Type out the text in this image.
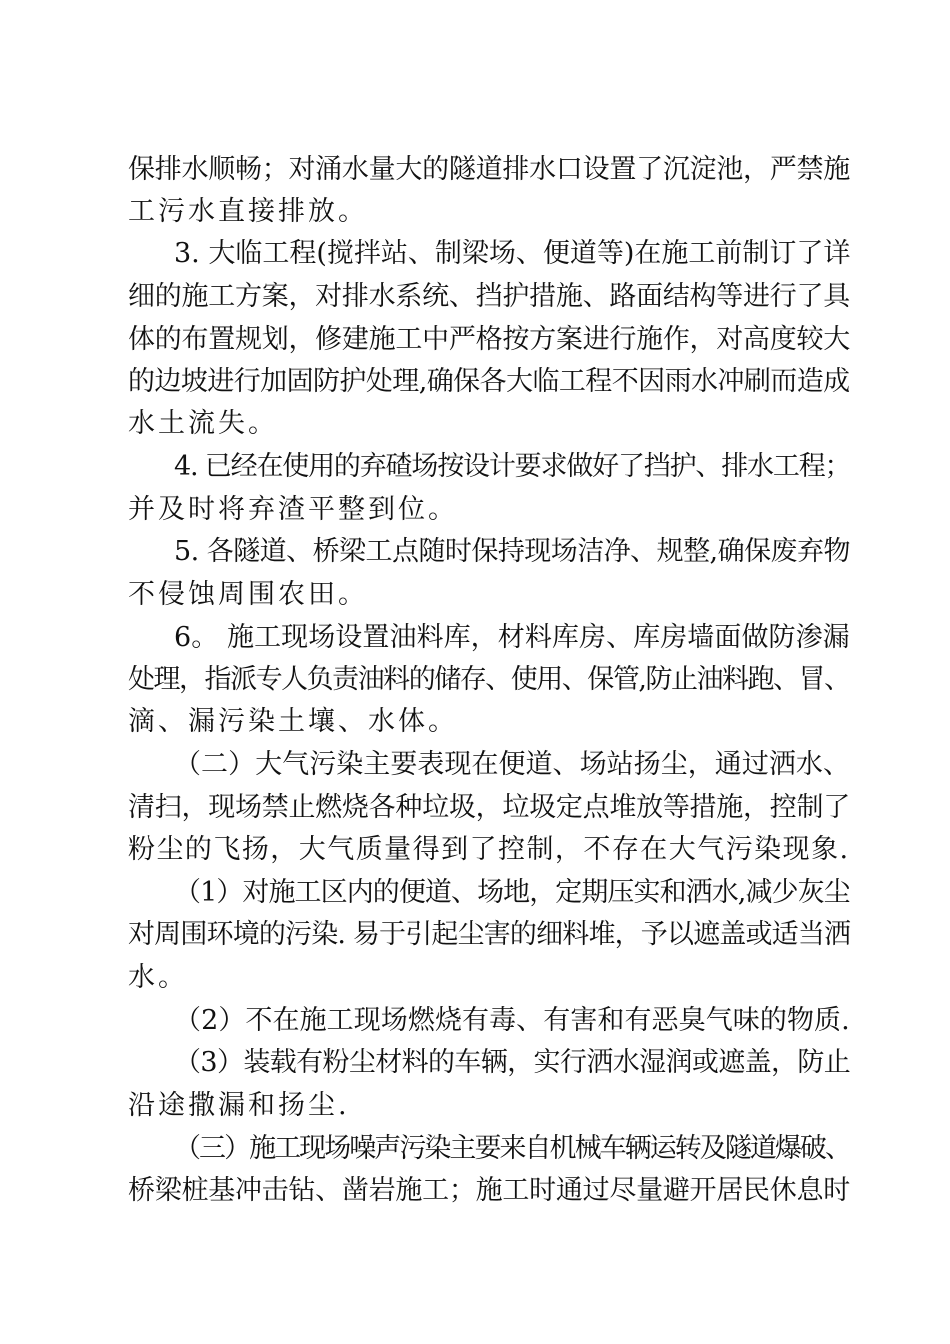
保排水顺畅；对涌水量大的隧道排水口设置了沉淀池，严禁施
工污水直接排放。
3. 大临工程(搅拌站、制梁场、便道等)在施工前制订了详
细的施工方案，对排水系统、挡护措施、路面结构等进行了具
体的布置规划，修建施工中严格按方案进行施作，对高度较大
的边坡进行加固防护处理,确保各大临工程不因雨水冲刷而造成
水土流失。
4. 已经在使用的弃碴场按设计要求做好了挡护、排水工程；
并及时将弃渣平整到位。
5. 各隧道、桥梁工点随时保持现场洁净、规整,确保废弃物
不侵蚀周围农田。
6。 施工现场设置油料库，材料库房、库房墙面做防渗漏
处理，指派专人负责油料的储存、使用、保管,防止油料跑、冒、
滴、漏污染土壤、水体。
（二）大气污染主要表现在便道、场站扬尘，通过洒水、
清扫，现场禁止燃烧各种垃圾，垃圾定点堆放等措施，控制了
粉尘的飞扬，大气质量得到了控制，不存在大气污染现象.
（1）对施工区内的便道、场地，定期压实和洒水,减少灰尘
对周围环境的污染. 易于引起尘害的细料堆，予以遮盖或适当洒
水。
（2）不在施工现场燃烧有毒、有害和有恶臭气味的物质.
（3）装载有粉尘材料的车辆，实行洒水湿润或遮盖，防止
沿途撒漏和扬尘.
（三）施工现场噪声污染主要来自机械车辆运转及隧道爆破、
桥梁桩基冲击钻、凿岩施工；施工时通过尽量避开居民休息时
